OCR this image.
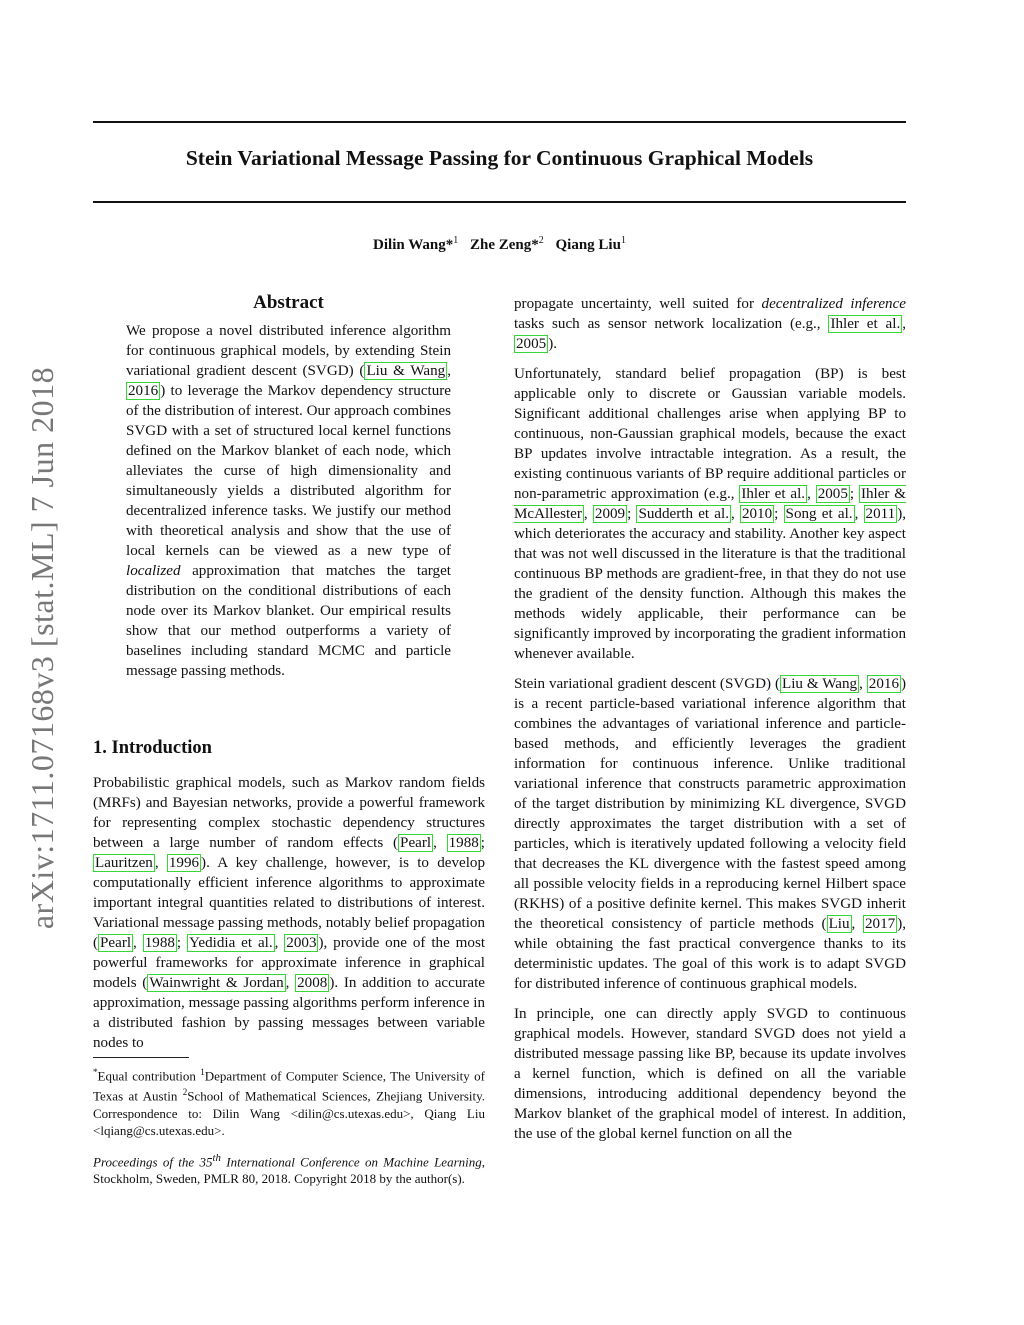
Stein Variational Message Passing for Continuous Graphical Models
Dilin Wang*$^1$ Zhe Zeng*$^2$ Qiang Liu$^1$
arXiv:1711.07168v3 [stat.ML] 7 Jun 2018
Abstract
We propose a novel distributed inference algorithm for continuous graphical models, by extending Stein variational gradient descent (SVGD) ( Liu & Wang , 2016 ) to leverage the Markov dependency structure of the distribution of interest. Our approach combines SVGD with a set of structured local kernel functions defined on the Markov blanket of each node, which alleviates the curse of high dimensionality and simultaneously yields a distributed algorithm for decentralized inference tasks. We justify our method with theoretical analysis and show that the use of local kernels can be viewed as a new type of localized approximation that matches the target distribution on the conditional distributions of each node over its Markov blanket. Our empirical results show that our method outperforms a variety of baselines including standard MCMC and particle message passing methods.
1. Introduction

Probabilistic graphical models, such as Markov random fields (MRFs) and Bayesian networks, provide a powerful framework for representing complex stochastic dependency structures between a large number of random effects ( Pearl , 1988 ; Lauritzen , 1996 ). A key challenge, however, is to develop computationally efficient inference algorithms to approximate important integral quantities related to distributions of interest. Variational message passing methods, notably belief propagation ( Pearl , 1988 ; Yedidia et al. , 2003 ), provide one of the most powerful frameworks for approximate inference in graphical models ( Wainwright & Jordan , 2008 ). In addition to accurate approximation, message passing algorithms perform inference in a distributed fashion by passing messages between variable nodes to

*Equal contribution $^1$Department of Computer Science, The University of Texas at Austin $^2$School of Mathematical Sciences, Zhejiang University. Correspondence to: Dilin Wang <dilin@cs.utexas.edu>, Qiang Liu <lqiang@cs.utexas.edu>.
Proceedings of the 35th International Conference on Machine Learning, Stockholm, Sweden, PMLR 80, 2018. Copyright 2018 by the author(s).

propagate uncertainty, well suited for decentralized inference tasks such as sensor network localization (e.g., Ihler et al. , 2005 ).

Unfortunately, standard belief propagation (BP) is best applicable only to discrete or Gaussian variable models. Significant additional challenges arise when applying BP to continuous, non-Gaussian graphical models, because the exact BP updates involve intractable integration. As a result, the existing continuous variants of BP require additional particles or non-parametric approximation (e.g., Ihler et al. , 2005 ; Ihler & McAllester , 2009 ; Sudderth et al. , 2010 ; Song et al. , 2011 ), which deteriorates the accuracy and stability. Another key aspect that was not well discussed in the literature is that the traditional continuous BP methods are gradient-free, in that they do not use the gradient of the density function. Although this makes the methods widely applicable, their performance can be significantly improved by incorporating the gradient information whenever available.

Stein variational gradient descent (SVGD) ( Liu & Wang , 2016 ) is a recent particle-based variational inference algorithm that combines the advantages of variational inference and particle-based methods, and efficiently leverages the gradient information for continuous inference. Unlike traditional variational inference that constructs parametric approximation of the target distribution by minimizing KL divergence, SVGD directly approximates the target distribution with a set of particles, which is iteratively updated following a velocity field that decreases the KL divergence with the fastest speed among all possible velocity fields in a reproducing kernel Hilbert space (RKHS) of a positive definite kernel. This makes SVGD inherit the theoretical consistency of particle methods ( Liu , 2017 ), while obtaining the fast practical convergence thanks to its deterministic updates. The goal of this work is to adapt SVGD for distributed inference of continuous graphical models.

In principle, one can directly apply SVGD to continuous graphical models. However, standard SVGD does not yield a distributed message passing like BP, because its update involves a kernel function, which is defined on all the variable dimensions, introducing additional dependency beyond the Markov blanket of the graphical model of interest. In addition, the use of the global kernel function on all the
